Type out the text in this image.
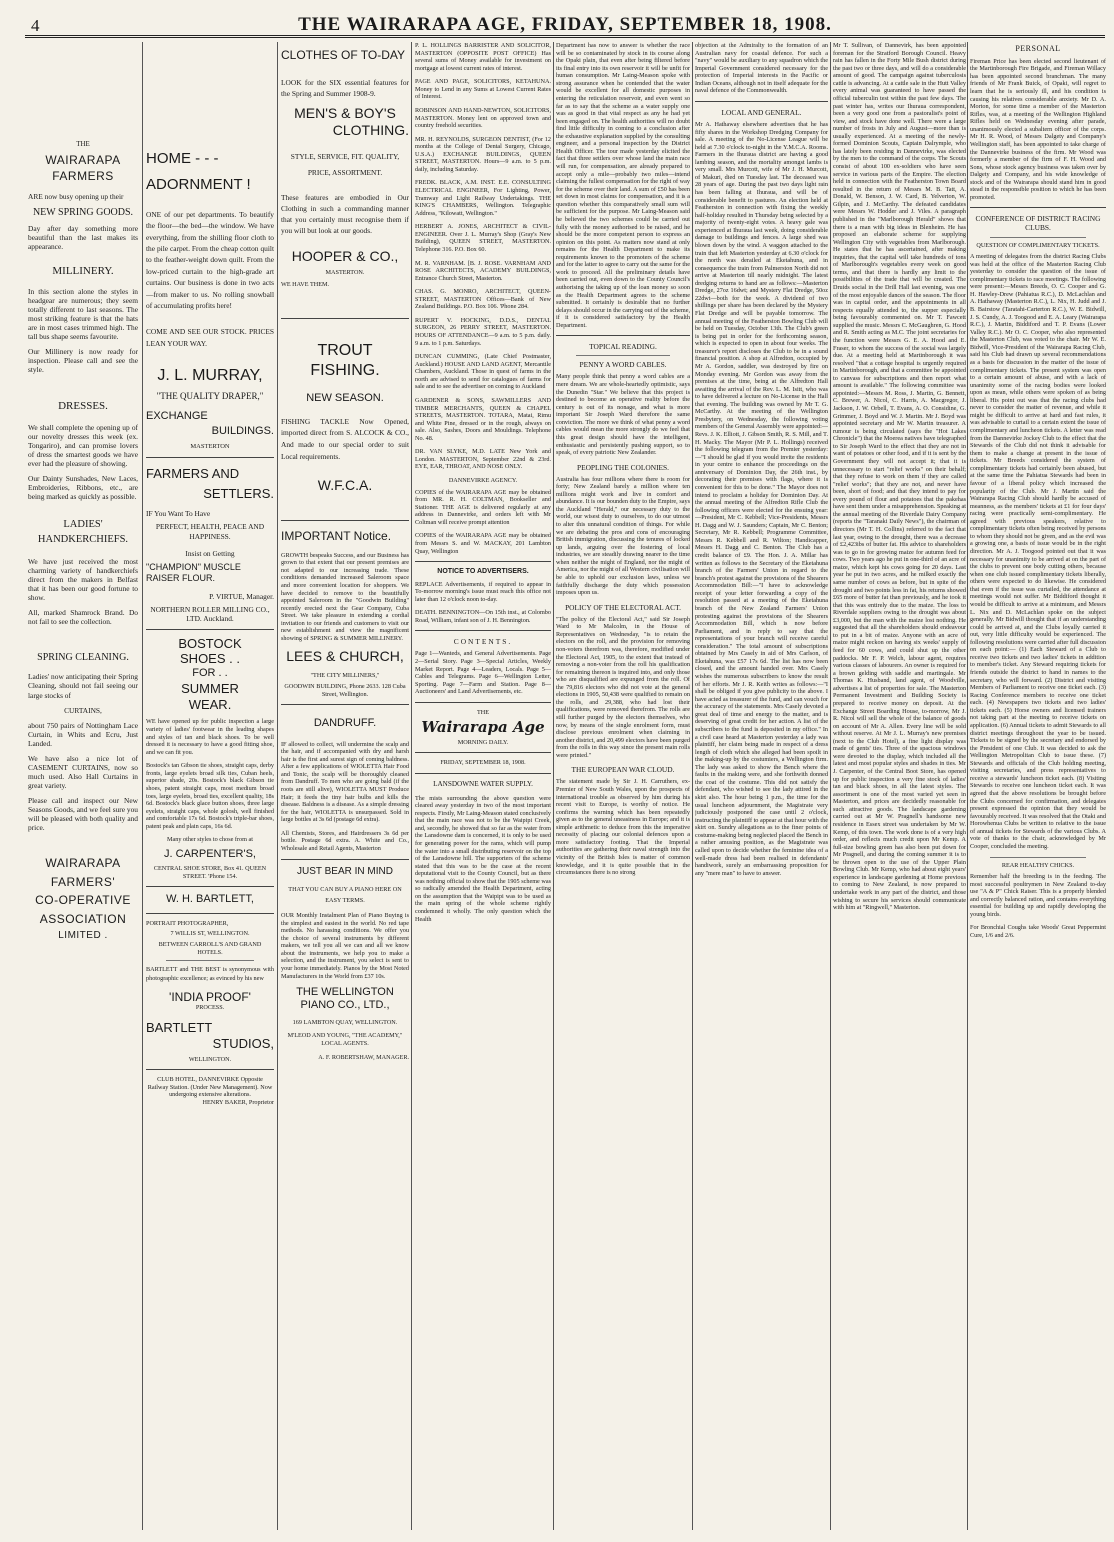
4	THE WAIRARAPA AGE, FRIDAY, SEPTEMBER 18, 1908.
THE
WAIRARAPA
FARMERS
ARE now busy opening up their
NEW SPRING GOODS.
Day after day something more beautiful than the last makes its appearance.
MILLINERY.
In this section alone the styles in headgear are numerous; they seem totally different to last seasons. The most striking feature is that the hats are in most cases trimmed high. The tall bus shape seems favourite.
Our Millinery is now ready for inspection. Please call and see the style.
DRESSES.
We shall complete the opening up of our novelty dresses this week (ex. Tongariro), and can promise lovers of dress the smartest goods we have ever had the pleasure of showing.
Our Dainty Sunshades, New Laces, Embroideries, Ribbons, etc., are being marked as quickly as possible.
LADIES'
HANDKERCHIEFS.
We have just received the most charming variety of handkerchiefs direct from the makers in Belfast that it has been our good fortune to show.
All, marked Shamrock Brand. Do not fail to see the collection.
SPRING CLEANING.
Ladies' now anticipating their Spring Cleaning, should not fail seeing our large stocks of
CURTAINS,
about 750 pairs of Nottingham Lace Curtain, in Whits and Ecru, Just Landed.
We have also a nice lot of CASEMENT CURTAINS, now so much used. Also Hall Curtains in great variety.
Please call and inspect our New Seasons Goods, and we feel sure you will be pleased with both quality and price.
WAIRARAPA
FARMERS'
CO-OPERATIVE
ASSOCIATION
LIMITED .
HOME - - -
ADORNMENT !
ONE of our pet departments. To beautify the floor—the bed—the window. We have everything, from the shilling floor cloth to the pile carpet. From the cheap cotton quilt to the feather-weight down quilt. From the low-priced curtain to the high-grade art curtains. Our business is done in two acts—from maker to us. No rolling snowball of accumulating profits here!
COME AND SEE OUR STOCK. PRICES LEAN YOUR WAY.
J. L. MURRAY,
"THE QUALITY DRAPER,"
EXCHANGE
BUILDINGS.
MASTERTON
FARMERS AND
SETTLERS.
IF You Want To Have
PERFECT, HEALTH, PEACE AND HAPPINESS.
Insist on Getting
"CHAMPION" MUSCLE RAISER FLOUR.
P. VIRTUE, Manager.
NORTHERN ROLLER MILLING CO., LTD. Auckland.
BOSTOCK
SHOES . .
FOR . .
SUMMER
WEAR.
WE have opened up for public inspection a large variety of ladies' footwear in the leading shapes and styles of tan and black shoes. To be well dressed it is necessary to have a good fitting shoe, and we can fit you.
Bostock's tan Gibson tie shoes, straight caps, derby fronts, large eyelets broad silk ties, Cuban heels, superior shade, 20s. Bostock's black Gibson tie shoes, patent straight caps, most medium broad toes, large eyelets, broad ties, excellent quality, 18s 6d. Bostock's black glace button shoes, three large eyelets, straight caps, whole golosh, well finished and comfortable 17s 6d. Bostock's triple-bar shoes, patent peak and plain caps, 16s 6d.
Many other styles to chose from at
J. CARPENTER'S,
CENTRAL SHOE STORE, Box 41. QUEEN STREET. 'Phone 154.
W. H. BARTLETT,
PORTRAIT PHOTOGRAPHER,
7 WILLIS ST, WELLINGTON.
BETWEEN CARROLL'S AND GRAND HOTELS.
BARTLETT and THE BEST is synonymous with photographic excellence; as evinced by his new
'INDIA PROOF'
PROCESS.
BARTLETT
STUDIOS,
WELLINGTON.
CLUB HOTEL, DANNEVIRKE Opposite Railway Station. (Under New Management). Now undergoing extensive alterations.
HENRY BAKER, Proprietor
CLOTHES OF TO-DAY
LOOK for the SIX essential features for the Spring and Summer 1908-9.
MEN'S & BOY'S
CLOTHING.
STYLE, SERVICE, FIT. QUALITY, PRICE, ASSORTMENT.
These features are embodied in Our Clothing in such a commanding manner that you certainly must recognise them if you will but look at our goods.
HOOPER & CO.,
MASTERTON.
WE HAVE THEM.
TROUT
FISHING.
NEW SEASON.
FISHING TACKLE Now Opened, imported direct from S. ALCOCK & CO., And made to our special order to suit Local requirements.
W.F.C.A.
IMPORTANT Notice.
GROWTH bespeaks Success, and our Business has grown to that extent that our present premises are not adapted to our increasing trade. These conditions demanded increased Saleroom space and more convenient location for shoppers. We have decided to remove to the beautifully appointed Saleroom in the "Goodwin Building" recently erected next the Gear Company, Cuba Street. We take pleasure in extending a cordial invitation to our friends and customers to visit our new establishment and view the magnificent showing of SPRING & SUMMER MILLINERY.
LEES & CHURCH,
"THE CITY MILLINERS,"
GOODWIN BUILDING, Phone 2633. 128 Cuba Street, Wellington.
DANDRUFF.
IF allowed to collect, will undermine the scalp and the hair, and if accompanied with dry and harsh hair is the first and surest sign of coming baldness. After a few applications of WIOLETTA Hair Food and Tonic, the scalp will be thoroughly cleaned from Dandruff. To men who are going bald (if the roots are still alive), WIOLETTA MUST Produce Hair; it feeds the tiny hair bulbs and kills the disease. Baldness is a disease. As a simple dressing for the hair, WIOLETTA is unsurpassed. Sold in large bottles at 3s 6d (postage 6d extra).
All Chemists, Stores, and Hairdressers 3s 6d per bottle. Postage 6d extra. A. White and Co., Wholesale and Retail Agents, Masterton
JUST BEAR IN MIND
THAT YOU CAN BUY A PIANO HERE ON EASY TERMS.
OUR Monthly Instalment Plan of Piano Buying is the simplest and easiest in the world. No red tape methods. No harassing conditions. We offer you the choice of several instruments by different makers, we tell you all we can and all we know about the instruments, we help you to make a selection, and the instrument, you select is sent to your home immediately. Pianos by the Most Noted Manufacturers in the World from £37 10s.
THE WELLINGTON PIANO CO., LTD.,
169 LAMBTON QUAY, WELLINGTON.
M'LEOD AND YOUNG, "THE ACADEMY," LOCAL AGENTS.
A. F. ROBERTSHAW, MANAGER.
P. L. HOLLINGS BARRISTER AND SOLICITOR, MASTERTON (OPPOSITE POST OFFICE) Has several sums of Money available for investment on mortgage at lowest current rates of interest.
PAGE AND PAGE, SOLICITORS, KETAHUNA. Money to Lend in any Sums at Lowest Current Rates of Interest.
ROBINSON AND HAND-NEWTON, SOLICITORS, MASTERTON. Money lent on approved town and country freehold securities.
MR. H. REYNOLDS, SURGEON DENTIST, (For 12 months at the College of Dental Surgery, Chicago, U.S.A.) EXCHANGE BUILDINGS, QUEEN STREET, MASTERTON. Hours—9 a.m. to 5 p.m. daily, including Saturday.
FREDK. BLACK, A.M. INST. E.E. CONSULTING ELECTRICAL ENGINEER, For Lighting, Power, Tramway and Light Railway Undertakings. THE KING'S CHAMBERS, Wellington. Telegraphic Address, "Kilowatt, Wellington."
HERBERT A. JONES, ARCHITECT & CIVIL-ENGINEER. Over J. L. Murray's Shop (Gray's New Building), QUEEN STREET, MASTERTON. Telephone 316. P.O. Box 60.
M. R. VARNHAM. [B. J. ROSE. VARNHAM AND ROSE ARCHITECTS, ACADEMY BUILDINGS, Entrance Church Street, Masterton.
CHAS. G. MONRO, ARCHITECT, QUEEN-STREET, MASTERTON Offices—Bank of New Zealand Buildings. P.O. Box 106. 'Phone 284.
RUPERT V. HOCKING, D.D.S., DENTAL SURGEON, 26 PERRY STREET, MASTERTON. HOURS OF ATTENDANCE—9 a.m. to 5 p.m. daily. 9 a.m. to 1 p.m. Saturdays.
DUNCAN CUMMING, (Late Chief Postmaster, Auckland.) HOUSE AND LAND AGENT, Mercantile Chambers, Auckland. Those in quest of farms in the north are advised to send for catalogues of farms for sale and to see the advertiser on coming to Auckland
GARDENER & SONS, SAWMILLERS AND TIMBER MERCHANTS, QUEEN & CHAPEL STREETS, MASTERTON. TOTARA, Matai, Rimu and White Pine, dressed or in the rough, always on sale. Also, Sashes, Doors and Mouldings. Telephone No. 48.
DR. VAN SLYKE, M.D. LATE New York and London. MASTERTON, September 22nd & 23rd. EYE, EAR, THROAT, AND NOSE ONLY.
DANNEVIRKE AGENCY.
COPIES of the WAIRARAPA AGE may be obtained from MR. R. H. COLTMAN, Bookseller and Stationer. THE AGE is delivered regularly at any address in Dannevirke, and orders left with Mr Coltman will receive prompt attention
COPIES of the WAIRARAPA AGE may be obtained from Messrs S. and W. MACKAY, 201 Lambton Quay, Wellington
NOTICE TO ADVERTISERS.
REPLACE Advertisements, if required to appear in To-morrow morning's issue must reach this office not later than 12 o'clock noon to-day.
DEATH. BENNINGTON—On 15th inst., at Colombo Road, William, infant son of J. H. Bennington.
CONTENTS.
Page 1—Wanteds, and General Advertisements. Page 2—Serial Story. Page 3—Special Articles, Weekly Market Report. Page 4—Leaders, Locals. Page 5—Cables and Telegrams. Page 6—Wellington Letter, Sporting. Page 7—Farm and Station. Page 8—Auctioneers' and Land Advertisements, etc.
THE
Wairarapa Age
MORNING DAILY.
FRIDAY, SEPTEMBER 18, 1908.
LANSDOWNE WATER SUPPLY.
The mists surrounding the above question were cleared away yesterday in two of the most important respects. Firstly, Mr Laing-Meason stated conclusively that the main race was not to be the Waipipi Creek, and, secondly, he showed that so far as the water from the Lansdowne dam is concerned, it is only to be used for generating power for the rams, which will pump the water into a small distributing reservoir on the top of the Lansdowne hill. The supporters of the scheme stated that this was to be the case at the recent deputational visit to the County Council, but as there was nothing official to show that the 1905 scheme was so radically amended the Health Department, acting on the assumption that the Waipipi was to be used as the main spring of the whole scheme rightly condemned it wholly. The only question which the Health
Department has now to answer is whether the race will be so contaminated by stock in its course along the Opaki plain, that even after being filtered before its final entry into its own reservoir it will be unfit for human consumption. Mr Laing-Meason spoke with strong assurance when he contended that the water would be excellent for all domestic purposes in entering the reticulation reservoir, and even went so far as to say that the scheme as a water supply one was as good in that vital respect as any he had yet been engaged on. The health authorities will no doubt find little difficulty in coming to a conclusion after the exhaustive explanation supplied by the consulting engineer, and a personal inspection by the District Health Officer. The tour made yesterday elicited the fact that three settlers over whose land the main race will run, for compensation, are already prepared to accept only a mile—probably two miles—intend claiming the fullest compensation for the right of way for the scheme over their land. A sum of £50 has been set down in most claims for compensation, and it is a question whether this comparatively small sum will be sufficient for the purpose. Mr Laing-Meason said he believed the two schemes could be carried out fully with the money authorised to be raised, and he should be the more competent person to express an opinion on this point. As matters now stand at only remains for the Health Department to make its requirements known to the promoters of the scheme and for the latter to agree to carry out the same for the work to proceed. All the preliminary details have been carried out, even down to the County Council's authorising the taking up of the loan money so soon as the Health Department agrees to the scheme submitted. It certainly is desirable that no further delays should occur in the carrying out of the scheme, if it is considered satisfactory by the Health Department.
TOPICAL READING.
PENNY A WORD CABLES.
Many people think that penny a word cables are a mere dream. We are whole-heartedly optimistic, says the Dunedin "Star." We believe that this project is destined to become an operative reality before the century is out of its nonage, and what is more important Sir Joseph Ward therefore the same conviction. The more we think of what penny a word cables would mean the more strongly do we feel that this great design should have the intelligent, enthusiastic and persistently pushing support, so to speak, of every patriotic New Zealander.
PEOPLING THE COLONIES.
Australia has four millions where there is room for forty; New Zealand barely a million where ten millions might work and live in comfort and abundance. It is our bounden duty to the Empire, says the Auckland "Herald," our necessary duty to the world, our wisest duty to ourselves, to do our utmost to alter this unnatural condition of things. For while we are debating the pros and cons of encouraging British immigration, discussing the tenures of locked up lands, arguing over the fostering of local industries, we are steadily drawing nearer to the time when neither the might of England, nor the might of America, nor the might of all Western civilisation will be able to uphold our exclusion laws, unless we faithfully discharge the duty which possession imposes upon us.
POLICY OF THE ELECTORAL ACT.
"The policy of the Electoral Act," said Sir Joseph Ward to Mr Malcolm, in the House of Representatives on Wednesday, "is to retain the electors on the roll, and the provision for removing non-voters therefrom was, therefore, modified under the Electoral Act, 1905, to the extent that instead of removing a non-voter from the roll his qualification for remaining thereon is inquired into, and only those who are disqualified are expunged from the roll. Of the 79,816 electors who did not vote at the general elections in 1905, 50,438 were qualified to remain on the rolls, and 29,388, who had lost their qualifications, were removed therefrom. The rolls are still further purged by the electors themselves, who now, by means of the single enrolment form, must disclose previous enrolment when claiming in another district, and 20,499 electors have been purged from the rolls in this way since the present main rolls were printed."
THE EUROPEAN WAR CLOUD.
The statement made by Sir J. H. Carruthers, ex-Premier of New South Wales, upon the prospects of international trouble as observed by him during his recent visit to Europe, is worthy of notice. He confirms the warning which has been repeatedly given as to the general uneasiness in Europe; and it is simple arithmetic to deduce from this the imperative necessity of placing our colonial defences upon a more satisfactory footing. That the Imperial authorities are gathering their naval strength into the vicinity of the British Isles is matter of common knowledge, and it is quite possible that in the circumstances there is no strong
objection at the Admiralty to the formation of an Australian navy for coastal defence. For such a "navy" would be auxiliary to any squadron which the Imperial Government considered necessary for the protection of Imperial interests in the Pacific or Indian Oceans, although not in itself adequate for the naval defence of the Commonwealth.
LOCAL AND GENERAL.
Mr A. Hathaway elsewhere advertises that he has fifty shares in the Workshop Dredging Company for sale. A meeting of the No-License League will be held at 7.30 o'clock to-night in the Y.M.C.A. Rooms. Farmers in the Ihuraua district are having a good lambing season, and the mortality amongst lambs is very small. Mrs Murcott, wife of Mr J. H. Murcott, of Makuri, died on Tuesday last. The deceased was 28 years of age. During the past two days light rain has been falling at Ihuraua, and will be of considerable benefit to pastures. An election held at Featherston in connection with fixing the weekly half-holiday resulted in Thursday being selected by a majority of twenty-eight votes. A heavy gale was experienced at Ihuraua last week, doing considerable damage to buildings and fences. A large shed was blown down by the wind. A waggon attached to the train that left Masterton yesterday at 6.30 o'clock for the north was derailed at Eketahuna, and in consequence the train from Palmerston North did not arrive at Masterton till nearly midnight. The latest dredging returns to hand are as follows:—Masterton Dredge, 27oz 16dwt; and Mystery Flat Dredge, 50oz 22dwt—both for the week. A dividend of two shillings per share has been declared by the Mystery Flat Dredge and will be payable tomorrow. The annual meeting of the Featherston Bowling Club will be held on Tuesday, October 13th. The Club's green is being put in order for the forthcoming season, which is expected to open in about four weeks. The treasurer's report discloses the Club to be in a sound financial position. A shop at Alfredton, occupied by Mr A. Gordon, saddler, was destroyed by fire on Monday evening. Mr Gordon was away from the premises at the time, being at the Alfredton Hall awaiting the arrival of the Rev. L. M. Isitt, who was to have delivered a lecture on No-License in the Hall that evening. The building was owned by Mr T. G. McCarthy. At the meeting of the Wellington Presbytery, on Wednesday, the following voting members of the General Assembly were appointed:—Revs. J. K. Elliott, J. Gibson Smith, R. S. Mill, and T. H. Macky. The Mayor (Mr P. L. Hollings) received the following telegram from the Premier yesterday:—"I should be glad if you would invite the residents in your centre to enhance the proceedings on the anniversary of Dominion Day, the 26th inst., by decorating their premises with flags, where it is convenient for this to be done." The Mayor does not intend to proclaim a holiday for Dominion Day. At the annual meeting of the Alfredton Rifle Club the following officers were elected for the ensuing year:—President, Mr C. Kebbell; Vice-Presidents, Messrs H. Dagg and W. J. Saunders; Captain, Mr C. Benton; Secretary, Mr R. Kebbell; Programme Committee, Messrs R. Kebbell and R. Wilton; Handicapper, Messrs H. Dagg and C. Benton. The Club has a credit balance of £9. The Hon. J. A. Millar has written as follows to the Secretary of the Eketahuna branch of the Farmers' Union in regard to the branch's protest against the provisions of the Shearers Accommodation Bill:—"I have to acknowledge receipt of your letter forwarding a copy of the resolution passed at a meeting of the Eketahuna branch of the New Zealand Farmers' Union protesting against the provisions of the Shearers Accommodation Bill, which is now before Parliament, and in reply to say that the representations of your branch will receive careful consideration." The total amount of subscriptions obtained by Mrs Casely in aid of Mrs Carlson, of Eketahuna, was £57 17s 6d. The list has now been closed, and the amount handed over. Mrs Casely wishes the numerous subscribers to know the result of her efforts. Mr J. R. Keith writes as follows:—"I shall be obliged if you give publicity to the above. I have acted as treasurer of the fund, and can vouch for the accuracy of the statements. Mrs Casely devoted a great deal of time and energy to the matter, and is deserving of great credit for her action. A list of the subscribers to the fund is deposited in my office." In a civil case heard at Masterton yesterday a lady was plaintiff, her claim being made in respect of a dress length of cloth which she alleged had been spoilt in the making-up by the costumiers, a Wellington firm. The lady was asked to show the Bench where the faults in the making were, and she forthwith donned the coat of the costume. This did not satisfy the defendant, who wished to see the lady attired in the skirt also. The hour being 1 p.m., the time for the usual luncheon adjournment, the Magistrate very judiciously postponed the case until 2 o'clock, instructing the plaintiff to appear at that hour with the skirt on. Sundry allegations as to the finer points of costume-making being neglected placed the Bench in a rather amusing position, as the Magistrate was called upon to decide whether the feminine idea of a well-made dress had been realised in defendants' handiwork, surely an embarrassing proposition for any "mere man" to have to answer.
Mr T. Sullivan, of Dannevirk, has been appointed foreman for the Stratford Borough Council. Heavy rain has fallen in the Forty Mile Bush district during the past two or three days, and will do a considerable amount of good. The campaign against tuberculosis cattle is advancing. At a cattle sale in the Hutt Valley every animal was guaranteed to have passed the official tuberculin test within the past few days. The past winter has, writes our Ihuraua correspondent, been a very good one from a pastoralist's point of view, and stock have done well. There were a large number of frosts in July and August—more than is usually experienced. At a meeting of the newly-formed Dominion Scouts, Captain Dalrymple, who has lately been residing in Dannevirke, was elected by the men to the command of the corps. The Scouts consist of about 100 ex-soldiers who have seen service in various parts of the Empire. The election held in connection with the Featherston Town Board resulted in the return of Messrs M. B. Tatt, A. Donald, W. Benson, J. W. Card, B. Yelverton, W. Gilpin, and J. McCarthy. The defeated candidates were Messrs W. Hodder and J. Viles. A paragraph published in the "Marlborough Herald" shows that there is a man with big ideas in Blenheim. He has proposed an elaborate scheme for supplying Wellington City with vegetables from Marlborough. He states that he has ascertained, after making inquiries, that the capital will take hundreds of tons of Marlborough's vegetables every week on good terms, and that there is hardly any limit to the possibilities of the trade that will be created. The Druids social in the Drill Hall last evening, was one of the most enjoyable dances of the season. The floor was in capital order, and the appointments in all respects equally attended to, the supper especially being favourably commented on. Mr T. Fawcett supplied the music. Messrs C. McGaughren, G. Hood and R. Smith acting as M.C. The joint secretaries for the function were Messrs G. E. A. Hood and E. Fraser, to whom the success of the social was largely due. At a meeting held at Martinborough it was resolved "that a cottage hospital is urgently required in Martinborough, and that a committee be appointed to canvass for subscriptions and then report what amount is available." The following committee was appointed:—Messrs M. Ross, J. Martin, G. Bennett, C. Brewer, A. Nicol, C. Harris, A. Macgregor, J. Jackson, J. W. Orbell, T. Evans, A. O. Considine, G. Grimmer, J. Boyd and W. J. Martin. Mr J. Boyd was appointed secretary and Mr W. Martin treasurer. A rumour is being circulated (says the "Hot Lakes Chronicle") that the Moerea natives have telegraphed to Sir Joseph Ward to the effect that they are not in want of potatoes or other food, and if it is sent by the Government they will not accept it; that it is unnecessary to start "relief works" on their behalf; that they refuse to work on them if they are called "relief works"; that they are not, and never have been, short of food; and that they intend to pay for every pound of flour and potatoes that the pakehas have sent them under a misapprehension. Speaking at the annual meeting of the Riverdale Dairy Company (reports the "Taranaki Daily News"), the chairman of directors (Mr T. H. Collins) referred to the fact that last year, owing to the drought, there was a decrease of £2,423ibs of butter fat. His advice to shareholders was to go in for growing maize for autumn feed for cows. Two years ago he put in one-third of an acre of maize, which kept his cows going for 20 days. Last year he put in two acres, and he milked exactly the same number of cows as before, but in spite of the drought and two points less in fat, his returns showed £65 more of butter fat than previously, and he took it that this was entirely due to the maize. The loss to Riverdale suppliers owing to the drought was about £3,000, but the man with the maize lost nothing. He suggested that all the shareholders should endeavour to put in a bit of maize. Anyone with an acre of maize might reckon on having six weeks' supply of feed for 60 cows, and could shut up the other paddocks. Mr F. P. Welch, labour agent, requires various classes of labourers. An owner is required for a brown gelding with saddle and martingale. Mr Thomas K. Husband, land agent, of Woodville, advertises a list of properties for sale. The Masterton Permanent Investment and Building Society is prepared to receive money on deposit. At the Exchange Street Boarding House, to-morrow, Mr J. R. Nicol will sell the whole of the balance of goods on account of Mr A. Allen. Every line will be sold without reserve. At Mr J. L. Murray's new premises (next to the Club Hotel), a fine light display was made of gents' ties. Three of the spacious windows were devoted to the display, which included all the latest and most popular styles and shades in ties. Mr J. Carpenter, of the Central Boot Store, has opened up for public inspection a very fine stock of ladies' tan and black shoes, in all the latest styles. The assortment is one of the most varied yet seen in Masterton, and prices are decidedly reasonable for such attractive goods. The landscape gardening carried out at Mr W. Pragnell's handsome new residence in Essex street was undertaken by Mr W. Kemp, of this town. The work done is of a very high order, and reflects much credit upon Mr Kemp. A full-size bowling green has also been put down for Mr Pragnell, and during the coming summer it is to be thrown open to the use of the Upper Plain Bowling Club. Mr Kemp, who had about eight years' experience in landscape gardening at Home previous to coming to New Zealand, is now prepared to undertake work in any part of the district, and those wishing to secure his services should communicate with him at "Ringwell," Masterton.
PERSONAL
Fireman Price has been elected second lieutenant of the Martinborough Fire Brigade, and Fireman Willacy has been appointed second branchman. The many friends of Mr Frank Buick, of Opaki, will regret to learn that he is seriously ill, and his condition is causing his relatives considerable anxiety. Mr D. A. Morton, for some time a member of the Masterton Rifles, was, at a meeting of the Wellington Highland Rifles held on Wednesday evening after parade, unanimously elected a subaltern officer of the corps. Mr H. R. Wood, of Messrs Dalgety and Company's Wellington staff, has been appointed to take charge of the Dannevirke business of the firm. Mr Wood was formerly a member of the firm of F. H. Wood and Sons, whose stock agency business was taken over by Dalgety and Company, and his wide knowledge of stock and of the Wairarapa should stand him in good stead in the responsible position to which he has been promoted.
CONFERENCE OF DISTRICT RACING CLUBS.
QUESTION OF COMPLIMENTARY TICKETS.
A meeting of delegates from the district Racing Clubs was held at the office of the Masterton Racing Club yesterday to consider the question of the issue of complimentary tickets to race meetings. The following were present:—Messrs Breeds, O. C. Cooper and G. H. Hawley-Drew (Pahiatua R.C.), D. McLachlan and A. Hathaway (Masterton R.C.), L. Nix, H. Judd and J. B. Bairstow (Taratahi-Carterton R.C.), W. E. Bidwill, J. S. Cundy, A. J. Toogood and E. A. Leary (Wairarapa R.C.), J. Martin, Biddiford and T. P. Evans (Lower Valley R.C.). Mr O. C. Cooper, who also represented the Masterton Club, was voted to the chair. Mr W. E. Bidwill, Vice-President of the Wairarapa Racing Club, said his Club had drawn up several recommendations as a basis for discussion in the matter of the issue of complimentary tickets. The present system was open to a certain amount of abuse, and with a lack of unanimity some of the racing bodies were looked upon as mean, while others were spoken of as being liberal. His point out was that the racing clubs had never to consider the matter of revenue, and while it might be difficult to arrive at hard and fast rules, it was advisable to curtail to a certain extent the issue of complimentary and luncheon tickets. A letter was read from the Dannevirke Jockey Club to the effect that the Stewards of the Club did not think it advisable for them to make a change at present in the issue of tickets. Mr Breeds considered the system of complimentary tickets had certainly been abused, but at the same time the Pahiatua Stewards had been in favour of a liberal policy which increased the popularity of the Club. Mr J. Martin said the Wairarapa Racing Club should hardly be accused of meanness, as the members' tickets at £1 for four days' racing were practically semi-complimentary. He agreed with previous speakers, relative to complimentary tickets often being received by persons to whom they should not be given, and as the evil was a growing one, a basis of issue would be in the right direction. Mr A. J. Toogood pointed out that it was necessary for unanimity to be arrived at on the part of the clubs to prevent one body cutting others, because when one club issued complimentary tickets liberally, others were expected to do likewise. He considered that even if the issue was curtailed, the attendance at meetings would not suffer. Mr Biddiford thought it would be difficult to arrive at a minimum, and Messrs L. Nix and D. McLachlan spoke on the subject generally. Mr Bidwill thought that if an understanding could be arrived at, and the Clubs loyally carried it out, very little difficulty would be experienced. The following resolutions were carried after full discussion on each point:— (1) Each Steward of a Club to receive two tickets and two ladies' tickets in addition to member's ticket. Any Steward requiring tickets for friends outside the district to hand in names to the secretary, who will forward. (2) District and visiting Members of Parliament to receive one ticket each. (3) Racing Conference members to receive one ticket each. (4) Newspapers two tickets and two ladies' tickets each. (5) Horse owners and licensed trainers not taking part at the meeting to receive tickets on application. (6) Annual tickets to admit Stewards to all district meetings throughout the year to be issued. Tickets to be signed by the secretary and endorsed by the President of one Club. It was decided to ask the Wellington Metropolitan Club to issue these. (7) Stewards and officials of the Club holding meeting, visiting secretaries, and press representatives to receive a stewards' luncheon ticket each. (8) Visiting Stewards to receive one luncheon ticket each. It was agreed that the above resolutions be brought before the Clubs concerned for confirmation, and delegates present expressed the opinion that they would be favourably received. It was resolved that the Otaki and Horowhenua Clubs be written to relative to the issue of annual tickets for Stewards of the various Clubs. A vote of thanks to the chair, acknowledged by Mr Cooper, concluded the meeting.
REAR HEALTHY CHICKS.
Remember half the breeding is in the feeding. The most successful poultrymen in New Zealand to-day use "A & P" Chick Raiser. This is a properly blended and correctly balanced ration, and contains everything essential for building up and rapidly developing the young birds.
For Bronchial Coughs take Woods' Great Peppermint Cure, 1/6 and 2/6.
